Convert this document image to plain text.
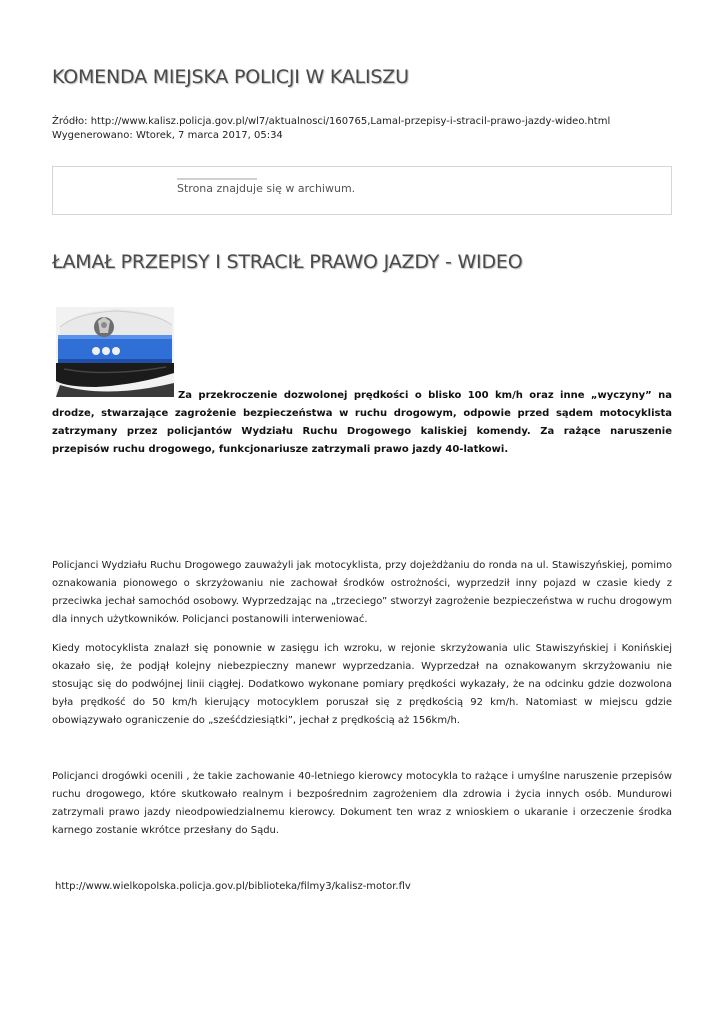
KOMENDA MIEJSKA POLICJI W KALISZU
Źródło: http://www.kalisz.policja.gov.pl/wl7/aktualnosci/160765,Lamal-przepisy-i-stracil-prawo-jazdy-wideo.html
Wygenerowano: Wtorek, 7 marca 2017, 05:34
Strona znajduje się w archiwum.
ŁAMAŁ PRZEPISY I STRACIŁ PRAWO JAZDY - WIDEO

Za przekroczenie dozwolonej prędkości o blisko 100 km/h oraz inne „wyczyny” na drodze, stwarzające zagrożenie bezpieczeństwa w ruchu drogowym, odpowie przed sądem motocyklista zatrzymany przez policjantów Wydziału Ruchu Drogowego kaliskiej komendy. Za rażące naruszenie przepisów ruchu drogowego, funkcjonariusze zatrzymali prawo jazdy 40-latkowi.

Policjanci Wydziału Ruchu Drogowego zauważyli jak motocyklista, przy dojeżdżaniu do ronda na ul. Stawiszyńskiej, pomimo oznakowania pionowego o skrzyżowaniu nie zachował środków ostrożności, wyprzedził inny pojazd w czasie kiedy z przeciwka jechał samochód osobowy. Wyprzedzając na „trzeciego” stworzył zagrożenie bezpieczeństwa w ruchu drogowym dla innych użytkowników. Policjanci postanowili interweniować.

Kiedy motocyklista znalazł się ponownie w zasięgu ich wzroku, w rejonie skrzyżowania ulic Stawiszyńskiej i Konińskiej okazało się, że podjął kolejny niebezpieczny manewr wyprzedzania. Wyprzedzał na oznakowanym skrzyżowaniu nie stosując się do podwójnej linii ciągłej. Dodatkowo wykonane pomiary prędkości wykazały, że na odcinku gdzie dozwolona była prędkość do 50 km/h kierujący motocyklem poruszał się z prędkością 92 km/h. Natomiast w miejscu gdzie obowiązywało ograniczenie do „sześćdziesiątki”, jechał z prędkością aż 156km/h.

Policjanci drogówki ocenili , że takie zachowanie 40-letniego kierowcy motocykla to rażące i umyślne naruszenie przepisów ruchu drogowego, które skutkowało realnym i bezpośrednim zagrożeniem dla zdrowia i życia innych osób. Mundurowi zatrzymali prawo jazdy nieodpowiedzialnemu kierowcy. Dokument ten wraz z wnioskiem o ukaranie i orzeczenie środka karnego zostanie wkrótce przesłany do Sądu.

http://www.wielkopolska.policja.gov.pl/biblioteka/filmy3/kalisz-motor.flv
